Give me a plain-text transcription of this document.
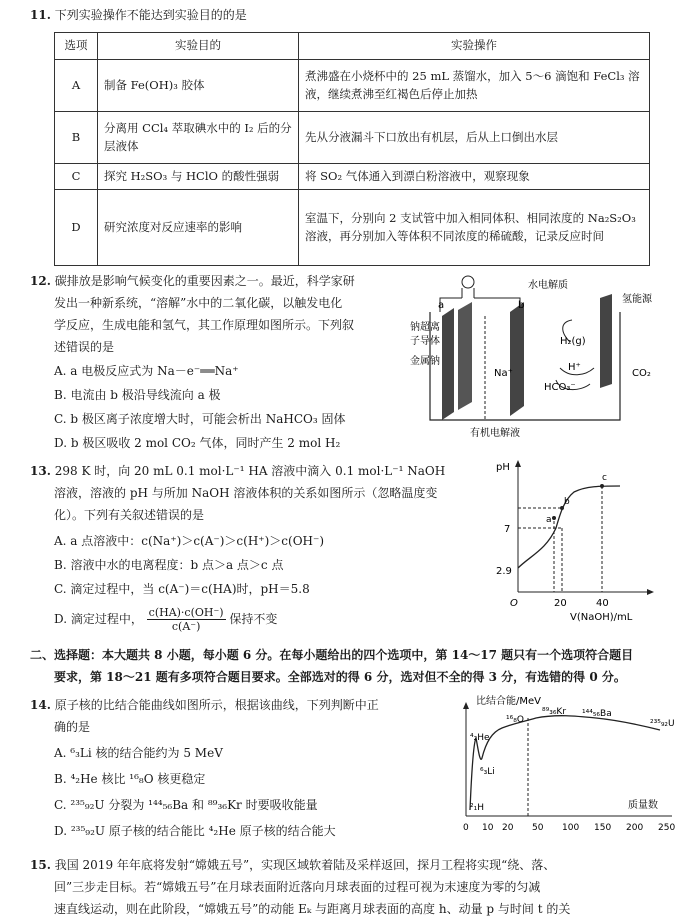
11. 下列实验操作不能达到实验目的的是
选项	实验目的	实验操作
A	制备 Fe(OH)₃ 胶体	煮沸盛在小烧杯中的 25 mL 蒸馏水，加入 5～6 滴饱和 FeCl₃ 溶液，继续煮沸至红褐色后停止加热
B	分离用 CCl₄ 萃取碘水中的 I₂ 后的分层液体	先从分液漏斗下口放出有机层，后从上口倒出水层
C	探究 H₂SO₃ 与 HClO 的酸性强弱	将 SO₂ 气体通入到漂白粉溶液中，观察现象
D	研究浓度对反应速率的影响	室温下，分别向 2 支试管中加入相同体积、相同浓度的 Na₂S₂O₃ 溶液，再分别加入等体积不同浓度的稀硫酸，记录反应时间
12. 碳排放是影响气候变化的重要因素之一。最近，科学家研
发出一种新系统，“溶解”水中的二氧化碳，以触发电化
学反应，生成电能和氢气，其工作原理如图所示。下列叙
述错误的是
A. a 电极反应式为 Na－e⁻══Na⁺
B. 电流由 b 极沿导线流向 a 极
C. b 极区离子浓度增大时，可能会析出 NaHCO₃ 固体
D. b 极区吸收 2 mol CO₂ 气体，同时产生 2 mol H₂
水电解质
氢能源
钠超离
子导体
金属钠
a	b
Na⁺
H₂(g)
H⁺
HCO₃⁻
CO₂
有机电解液
13. 298 K 时，向 20 mL 0.1 mol·L⁻¹ HA 溶液中滴入 0.1 mol·L⁻¹ NaOH
溶液，溶液的 pH 与所加 NaOH 溶液体积的关系如图所示（忽略温度变
化）。下列有关叙述错误的是
A. a 点溶液中：c(Na⁺)＞c(A⁻)＞c(H⁺)＞c(OH⁻)
B. 溶液中水的电离程度：b 点＞a 点＞c 点
C. 滴定过程中，当 c(A⁻)＝c(HA)时，pH＝5.8
D. 滴定过程中， $\frac{c(HA)\cdot c(OH^-)}{c(A^-)}$ 保持不变
pH
V(NaOH)/mL
O
7
2.9
20	40
a
b
c
二、选择题：本大题共 8 小题，每小题 6 分。在每小题给出的四个选项中，第 14～17 题只有一个选项符合题目
要求，第 18～21 题有多项符合题目要求。全部选对的得 6 分，选对但不全的得 3 分，有选错的得 0 分。
14. 原子核的比结合能曲线如图所示，根据该曲线，下列判断中正
确的是
A. ⁶₃Li 核的结合能约为 5 MeV
B. ⁴₂He 核比 ¹⁶₈O 核更稳定
C. ²³⁵₉₂U 分裂为 ¹⁴⁴₅₆Ba 和 ⁸⁹₃₆Kr 时要吸收能量
D. ²³⁵₉₂U 原子核的结合能比 ⁴₂He 原子核的结合能大
比结合能/MeV
质量数
0 10 20 50 100 150 200 250
⁴₂He
⁶₃Li
²₁H
¹⁶₈O
⁸⁹₃₆Kr ¹⁴⁴₅₆Ba
²³⁵₉₂U
15. 我国 2019 年年底将发射“嫦娥五号”，实现区域软着陆及采样返回，探月工程将实现“绕、落、
回”三步走目标。若“嫦娥五号”在月球表面附近落向月球表面的过程可视为末速度为零的匀减
速直线运动，则在此阶段，“嫦娥五号”的动能 Eₖ 与距离月球表面的高度 h、动量 p 与时间 t 的关
